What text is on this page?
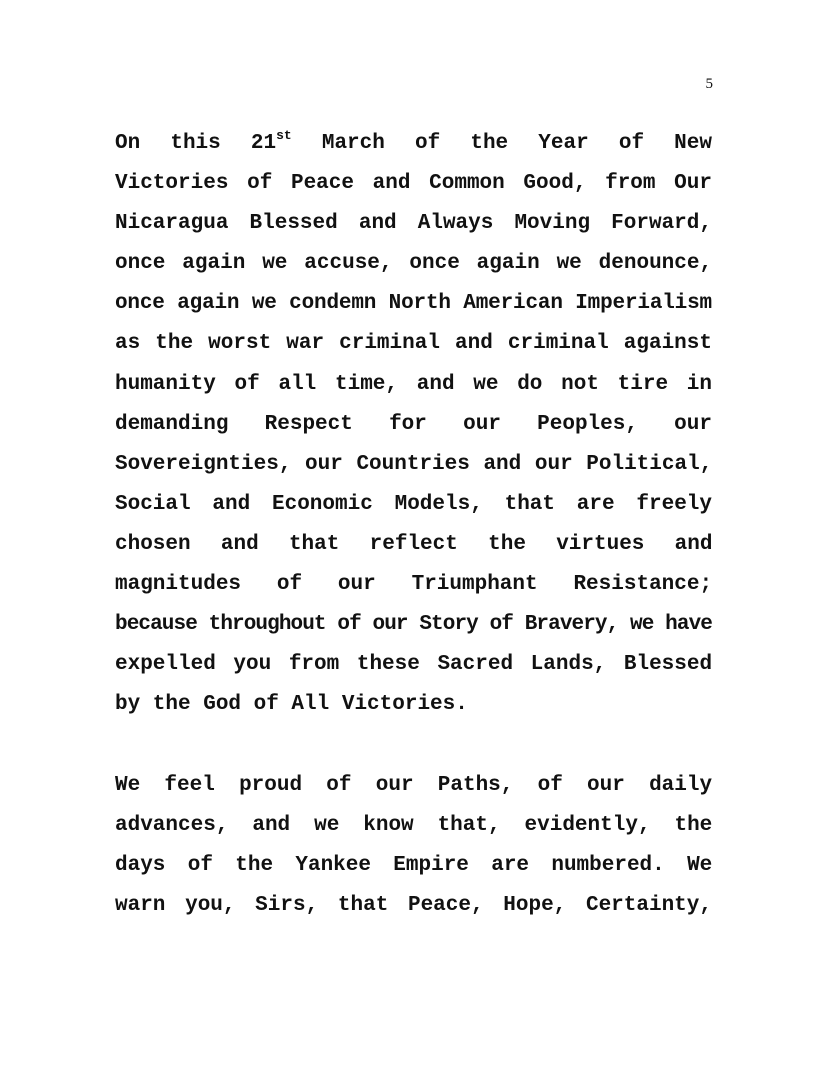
5
On this 21st March of the Year of New
Victories of Peace and Common Good, from Our
Nicaragua Blessed and Always Moving Forward,
once again we accuse, once again we denounce,
once again we condemn North American Imperialism
as the worst war criminal and criminal against
humanity of all time, and we do not tire in
demanding Respect for our Peoples, our
Sovereignties, our Countries and our Political,
Social and Economic Models, that are freely
chosen and that reflect the virtues and
magnitudes of our Triumphant Resistance;
because throughout of our Story of Bravery, we have
expelled you from these Sacred Lands, Blessed
by the God of All Victories.
We feel proud of our Paths, of our daily
advances, and we know that, evidently, the
days of the Yankee Empire are numbered. We
warn you, Sirs, that Peace, Hope, Certainty,
